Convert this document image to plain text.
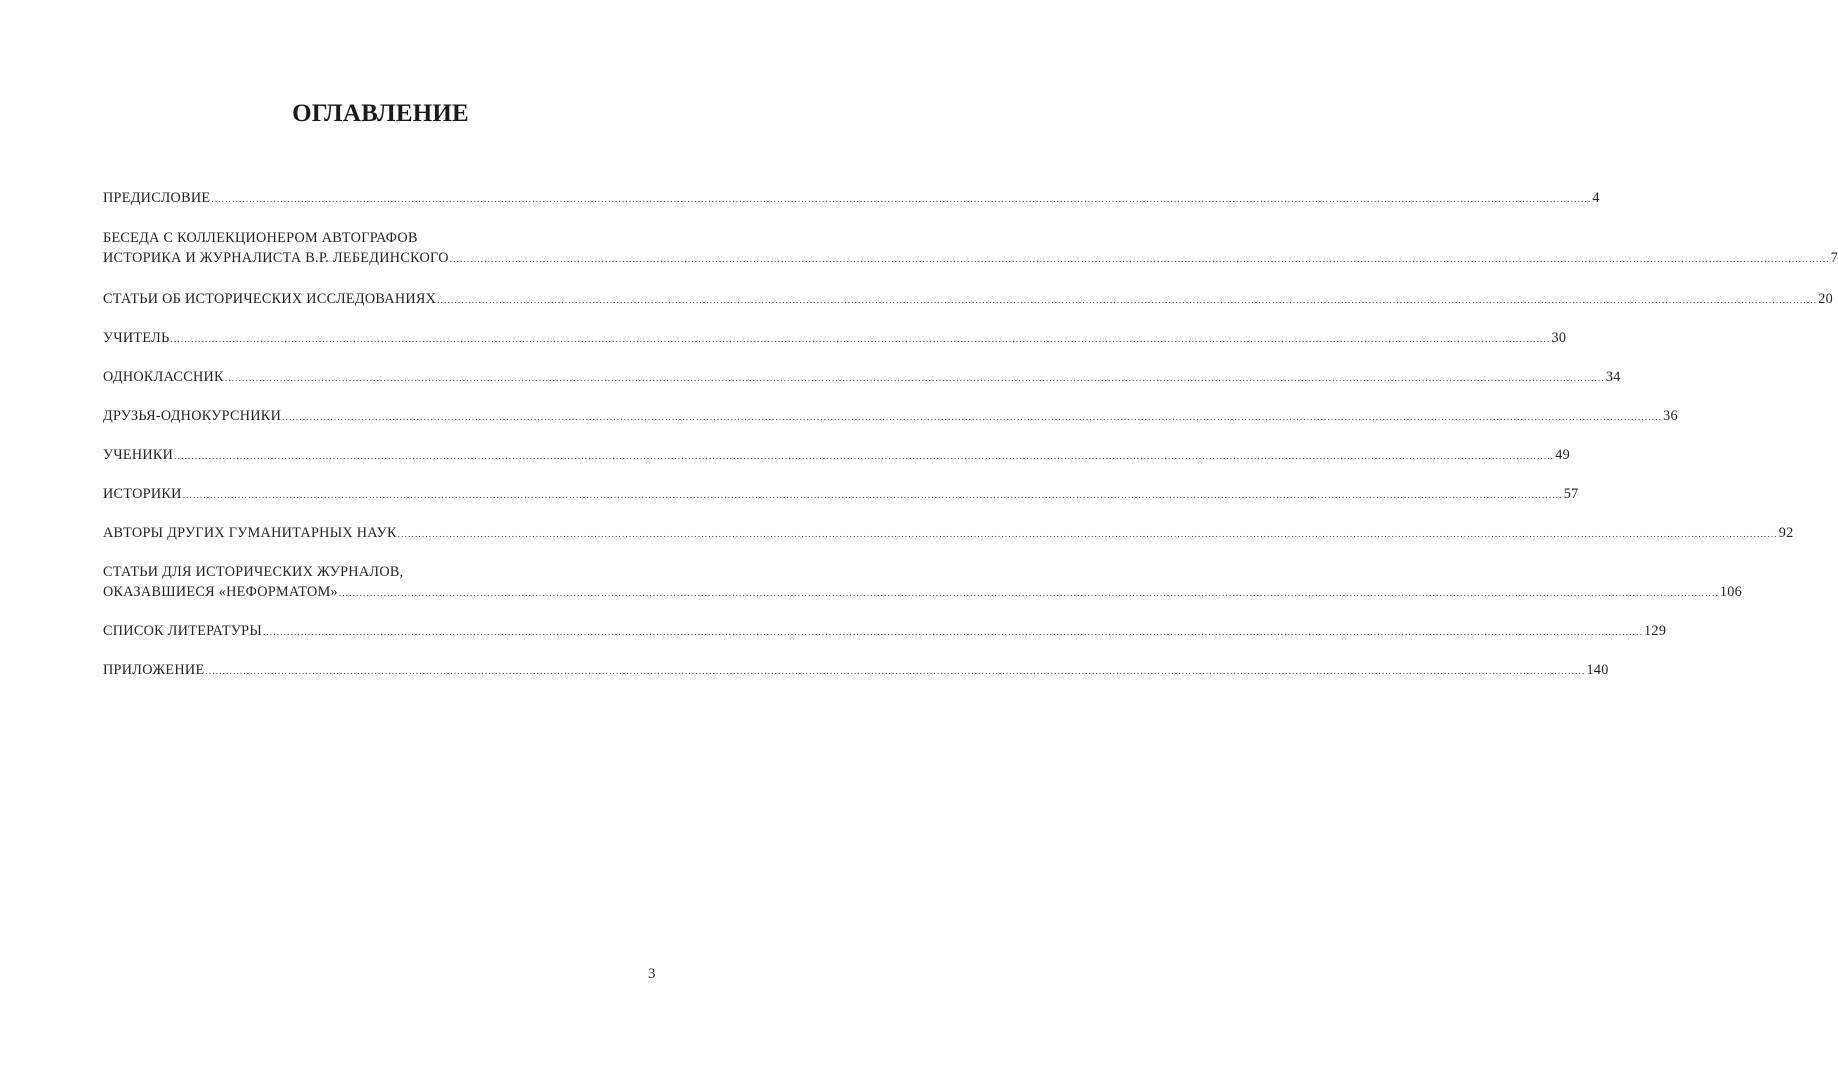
ОГЛАВЛЕНИЕ
ПРЕДИСЛОВИЕ ................................................................................................................................................................................................................................................................................................................................................................................................................ 4
БЕСЕДА С КОЛЛЕКЦИОНЕРОМ АВТОГРАФОВ
ИСТОРИКА И ЖУРНАЛИСТА В.Р. ЛЕБЕДИНСКОГО ................................................................................................................................................................................................................................................................................................................................................................................................................ 7
СТАТЬИ ОБ ИСТОРИЧЕСКИХ ИССЛЕДОВАНИЯХ ................................................................................................................................................................................................................................................................................................................................................................................................................ 20
УЧИТЕЛЬ ................................................................................................................................................................................................................................................................................................................................................................................................................ 30
ОДНОКЛАССНИК ................................................................................................................................................................................................................................................................................................................................................................................................................ 34
ДРУЗЬЯ-ОДНОКУРСНИКИ ................................................................................................................................................................................................................................................................................................................................................................................................................ 36
УЧЕНИКИ ................................................................................................................................................................................................................................................................................................................................................................................................................ 49
ИСТОРИКИ ................................................................................................................................................................................................................................................................................................................................................................................................................ 57
АВТОРЫ ДРУГИХ ГУМАНИТАРНЫХ НАУК ................................................................................................................................................................................................................................................................................................................................................................................................................ 92
СТАТЬИ ДЛЯ ИСТОРИЧЕСКИХ ЖУРНАЛОВ,
ОКАЗАВШИЕСЯ «НЕФОРМАТОМ» ................................................................................................................................................................................................................................................................................................................................................................................................................ 106
СПИСОК ЛИТЕРАТУРЫ ................................................................................................................................................................................................................................................................................................................................................................................................................ 129
ПРИЛОЖЕНИЕ ................................................................................................................................................................................................................................................................................................................................................................................................................ 140
3
